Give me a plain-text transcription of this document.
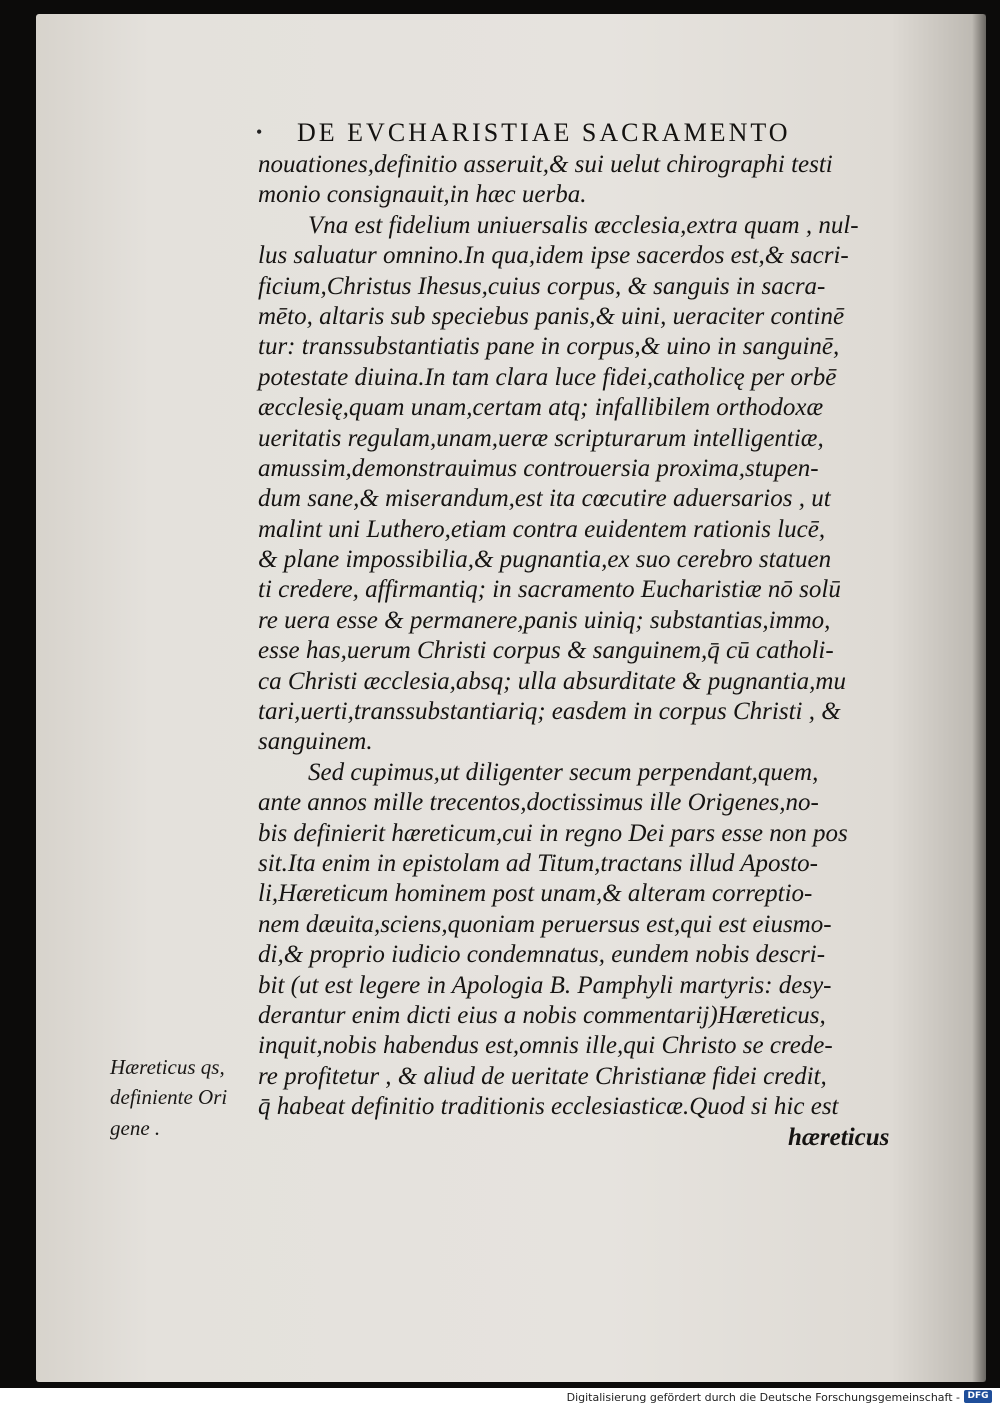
• DE EVCHARISTIAE SACRAMENTO
nouationes,definitio asseruit,& sui uelut chirographi testi
monio consignauit,in hæc uerba.
Vna est fidelium uniuersalis æcclesia,extra quam , nul-
lus saluatur omnino.In qua,idem ipse sacerdos est,& sacri-
ficium,Christus Ihesus,cuius corpus, & sanguis in sacra-
mēto, altaris sub speciebus panis,& uini, ueraciter continē
tur: transsubstantiatis pane in corpus,& uino in sanguinē,
potestate diuina.In tam clara luce fidei,catholicę per orbē
æcclesię,quam unam,certam atq; infallibilem orthodoxæ
ueritatis regulam,unam,ueræ scripturarum intelligentiæ,
amussim,demonstrauimus controuersia proxima,stupen-
dum sane,& miserandum,est ita cœcutire aduersarios , ut
malint uni Luthero,etiam contra euidentem rationis lucē,
& plane impossibilia,& pugnantia,ex suo cerebro statuen
ti credere, affirmantiq; in sacramento Eucharistiæ nō solū
re uera esse & permanere,panis uiniq; substantias,immo,
esse has,uerum Christi corpus & sanguinem,q̄ cū catholi-
ca Christi æcclesia,absq; ulla absurditate & pugnantia,mu
tari,uerti,transsubstantiariq; easdem in corpus Christi , &
sanguinem.
Sed cupimus,ut diligenter secum perpendant,quem,
ante annos mille trecentos,doctissimus ille Origenes,no-
bis definierit hæreticum,cui in regno Dei pars esse non pos
sit.Ita enim in epistolam ad Titum,tractans illud Aposto-
li,Hæreticum hominem post unam,& alteram correptio-
nem dæuita,sciens,quoniam peruersus est,qui est eiusmo-
di,& proprio iudicio condemnatus, eundem nobis descri-
bit (ut est legere in Apologia B. Pamphyli martyris: desy-
derantur enim dicti eius a nobis commentarij)Hæreticus,
inquit,nobis habendus est,omnis ille,qui Christo se crede-
re profitetur , & aliud de ueritate Christianæ fidei credit,
q̄ habeat definitio traditionis ecclesiasticæ.Quod si hic est
hæreticus
Hæreticus qs,
definiente Ori
gene .
Digitalisierung gefördert durch die Deutsche Forschungsgemeinschaft - DFG
